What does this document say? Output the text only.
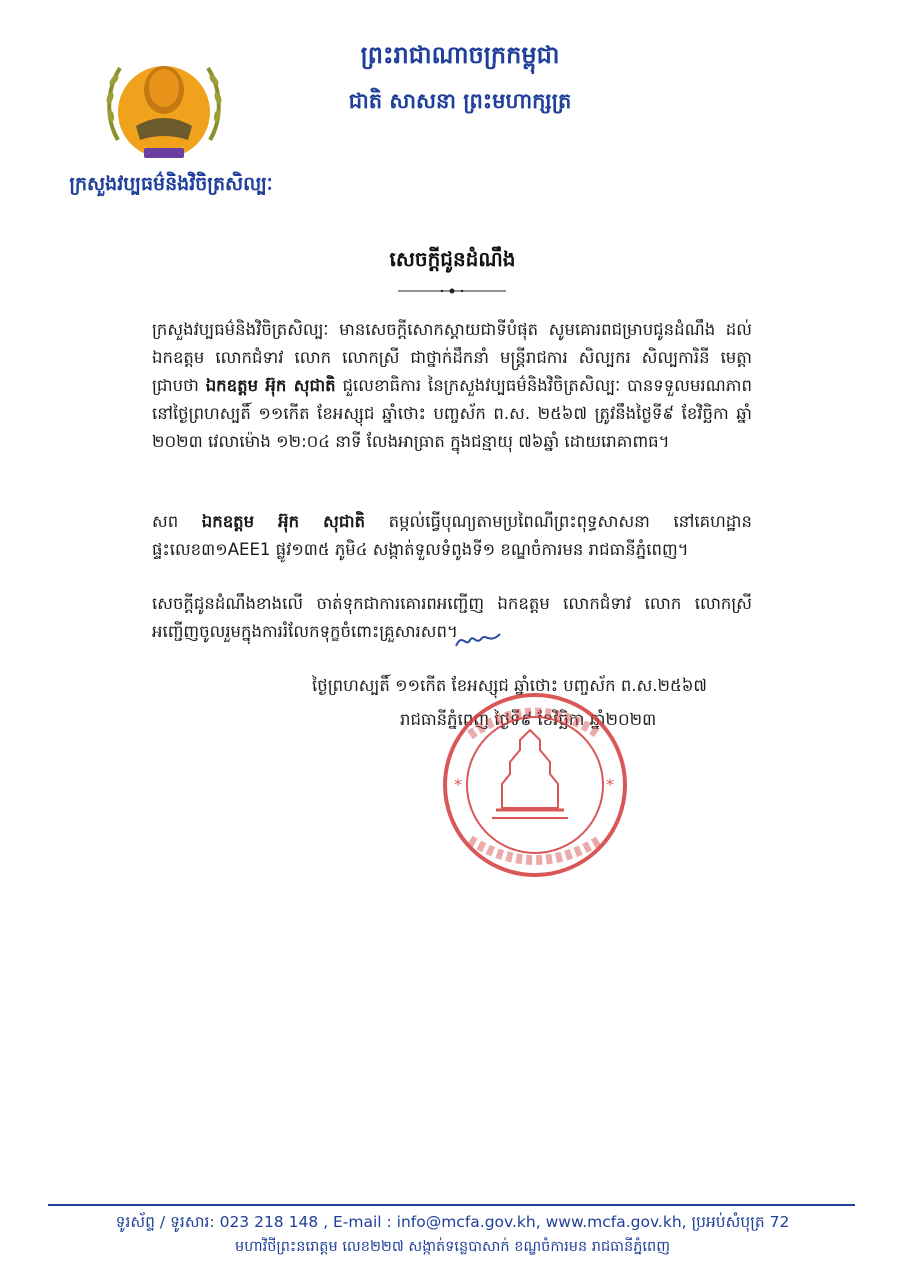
ព្រះរាជាណាចក្រកម្ពុជា
ជាតិ សាសនា ព្រះមហាក្សត្រ
ក្រសួងវប្បធម៌និងវិចិត្រសិល្បៈ
សេចក្តីជូនដំណឹង
ក្រសួងវប្បធម៌និងវិចិត្រសិល្បៈ មានសេចក្តីសោកស្តាយជាទីបំផុត សូមគោរពជម្រាបជូនដំណឹង ដល់ ឯកឧត្តម លោកជំទាវ លោក លោកស្រី ជាថ្នាក់ដឹកនាំ មន្ត្រីរាជការ សិល្បករ សិល្បការិនី មេត្តាជ្រាបថា ឯកឧត្តម អ៊ុក សុជាតិ ជួលេខាធិការ នៃក្រសួងវប្បធម៌និងវិចិត្រសិល្បៈ បានទទួលមរណភាព នៅថ្ងៃព្រហស្បតិ៍ ១១កេីត ខែអស្សុជ ឆ្នាំថោះ បញ្ចស័ក ព.ស. ២៥៦៧ ត្រូវនឹងថ្ងៃទី៩ ខែវិច្ឆិកា ឆ្នាំ ២០២៣ វេលាម៉ោង ១២:០៤ នាទី លែងអាធ្រាត ក្នុងជន្មាយុ ៧៦ឆ្នាំ ដោយរោគាពាធ។
សព ឯកឧត្តម អ៊ុក សុជាតិ តម្កល់ធ្វើបុណ្យតាមប្រពៃណីព្រះពុទ្ធសាសនា នៅគេហដ្ឋាន ផ្ទះលេខ៣១AEE1 ផ្លូវ១៣៥ ភូមិ៤ សង្កាត់ទួលទំពូងទី១ ខណ្ឌចំការមន រាជធានីភ្នំពេញ។
សេចក្តីជូនដំណឹងខាងលើ ចាត់ទុកជាការគោរពអញ្ជើញ ឯកឧត្តម លោកជំទាវ លោក លោកស្រី អញ្ជើញចូលរួមក្នុងការរំលែកទុក្ខចំពោះគ្រួសារសព។
ថ្ងៃព្រហស្បតិ៍ ១១កេីត ខែអស្សុជ ឆ្នាំថោះ បញ្ចស័ក ព.ស.២៥៦៧
រាជធានីភ្នំពេញ ថ្ងៃទី៩ ខែវិច្ឆិកា ឆ្នាំ២០២៣
*	*
ទូរស័ព្ទ / ទូរសារ: 023 218 148 , E-mail : info@mcfa.gov.kh, www.mcfa.gov.kh, ប្រអប់សំបុត្រ 72
មហាវិថីព្រះនរោត្តម លេខ២២៧ សង្កាត់ទន្លេបាសាក់ ខណ្ឌចំការមន រាជធានីភ្នំពេញ
